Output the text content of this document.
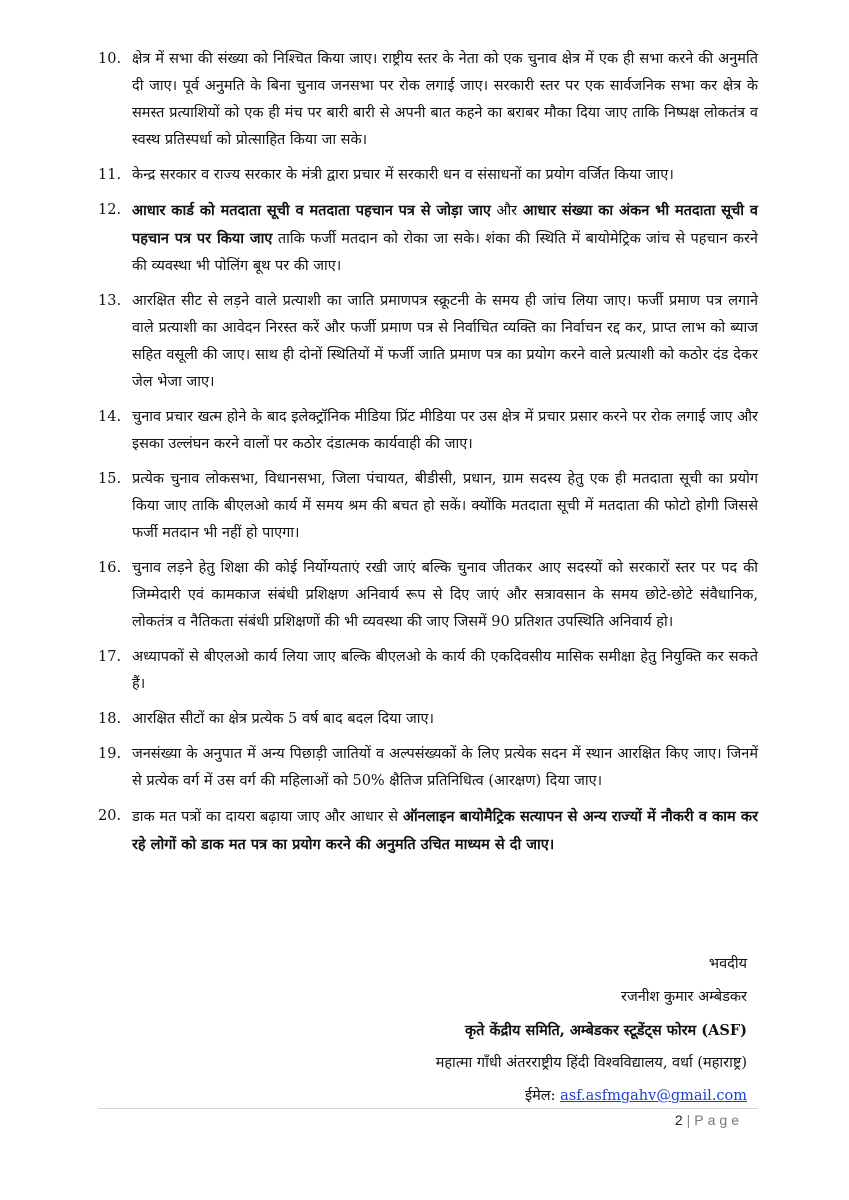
10. क्षेत्र में सभा की संख्या को निश्चित किया जाए। राष्ट्रीय स्तर के नेता को एक चुनाव क्षेत्र में एक ही सभा करने की अनुमति दी जाए। पूर्व अनुमति के बिना चुनाव जनसभा पर रोक लगाई जाए। सरकारी स्तर पर एक सार्वजनिक सभा कर क्षेत्र के समस्त प्रत्याशियों को एक ही मंच पर बारी बारी से अपनी बात कहने का बराबर मौका दिया जाए ताकि निष्पक्ष लोकतंत्र व स्वस्थ प्रतिस्पर्धा को प्रोत्साहित किया जा सके।
11. केन्द्र सरकार व राज्य सरकार के मंत्री द्वारा प्रचार में सरकारी धन व संसाधनों का प्रयोग वर्जित किया जाए।
12. आधार कार्ड को मतदाता सूची व मतदाता पहचान पत्र से जोड़ा जाए और आधार संख्या का अंकन भी मतदाता सूची व पहचान पत्र पर किया जाए ताकि फर्जी मतदान को रोका जा सके। शंका की स्थिति में बायोमेट्रिक जांच से पहचान करने की व्यवस्था भी पोलिंग बूथ पर की जाए।
13. आरक्षित सीट से लड़ने वाले प्रत्याशी का जाति प्रमाणपत्र स्क्रूटनी के समय ही जांच लिया जाए। फर्जी प्रमाण पत्र लगाने वाले प्रत्याशी का आवेदन निरस्त करें और फर्जी प्रमाण पत्र से निर्वाचित व्यक्ति का निर्वाचन रद्द कर, प्राप्त लाभ को ब्याज सहित वसूली की जाए। साथ ही दोनों स्थितियों में फर्जी जाति प्रमाण पत्र का प्रयोग करने वाले प्रत्याशी को कठोर दंड देकर जेल भेजा जाए।
14. चुनाव प्रचार खत्म होने के बाद इलेक्ट्रॉनिक मीडिया प्रिंट मीडिया पर उस क्षेत्र में प्रचार प्रसार करने पर रोक लगाई जाए और इसका उल्लंघन करने वालों पर कठोर दंडात्मक कार्यवाही की जाए।
15. प्रत्येक चुनाव लोकसभा, विधानसभा, जिला पंचायत, बीडीसी, प्रधान, ग्राम सदस्य हेतु एक ही मतदाता सूची का प्रयोग किया जाए ताकि बीएलओ कार्य में समय श्रम की बचत हो सकें। क्योंकि मतदाता सूची में मतदाता की फोटो होगी जिससे फर्जी मतदान भी नहीं हो पाएगा।
16. चुनाव लड़ने हेतु शिक्षा की कोई निर्योग्यताएं रखी जाएं बल्कि चुनाव जीतकर आए सदस्यों को सरकारों स्तर पर पद की जिम्मेदारी एवं कामकाज संबंधी प्रशिक्षण अनिवार्य रूप से दिए जाएं और सत्रावसान के समय छोटे-छोटे संवैधानिक, लोकतंत्र व नैतिकता संबंधी प्रशिक्षणों की भी व्यवस्था की जाए जिसमें 90 प्रतिशत उपस्थिति अनिवार्य हो।
17. अध्यापकों से बीएलओ कार्य लिया जाए बल्कि बीएलओ के कार्य की एकदिवसीय मासिक समीक्षा हेतु नियुक्ति कर सकते हैं।
18. आरक्षित सीटों का क्षेत्र प्रत्येक 5 वर्ष बाद बदल दिया जाए।
19. जनसंख्या के अनुपात में अन्य पिछाड़ी जातियों व अल्पसंख्यकों के लिए प्रत्येक सदन में स्थान आरक्षित किए जाए। जिनमें से प्रत्येक वर्ग में उस वर्ग की महिलाओं को 50% क्षैतिज प्रतिनिधित्व (आरक्षण) दिया जाए।
20. डाक मत पत्रों का दायरा बढ़ाया जाए और आधार से ऑनलाइन बायोमैट्रिक सत्यापन से अन्य राज्यों में नौकरी व काम कर रहे लोगों को डाक मत पत्र का प्रयोग करने की अनुमति उचित माध्यम से दी जाए।
भवदीय
रजनीश कुमार अम्बेडकर
कृते केंद्रीय समिति, अम्बेडकर स्टूडेंट्स फोरम (ASF)
महात्मा गाँधी अंतरराष्ट्रीय हिंदी विश्वविद्यालय, वर्धा (महाराष्ट्र)
ईमेल: asf.asfmgahv@gmail.com
2 | Page
